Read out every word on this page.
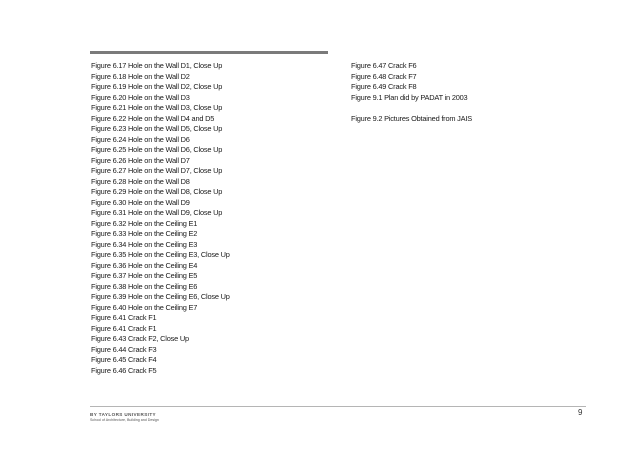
Figure 6.17 Hole on the Wall D1, Close Up
Figure 6.18 Hole on the Wall D2
Figure 6.19 Hole on the Wall D2, Close Up
Figure 6.20 Hole on the Wall D3
Figure 6.21 Hole on the Wall D3, Close Up
Figure 6.22 Hole on the Wall D4 and D5
Figure 6.23 Hole on the Wall D5, Close Up
Figure 6.24 Hole on the Wall D6
Figure 6.25 Hole on the Wall D6, Close Up
Figure 6.26 Hole on the Wall D7
Figure 6.27 Hole on the Wall D7, Close Up
Figure 6.28 Hole on the Wall D8
Figure 6.29 Hole on the Wall D8, Close Up
Figure 6.30 Hole on the Wall D9
Figure 6.31 Hole on the Wall D9, Close Up
Figure 6.32 Hole on the Ceiling E1
Figure 6.33 Hole on the Ceiling E2
Figure 6.34 Hole on the Ceiling E3
Figure 6.35 Hole on the Ceiling E3, Close Up
Figure 6.36 Hole on the Ceiling E4
Figure 6.37 Hole on the Ceiling E5
Figure 6.38 Hole on the Ceiling E6
Figure 6.39 Hole on the Ceiling E6, Close Up
Figure 6.40 Hole on the Ceiling E7
Figure 6.41 Crack F1
Figure 6.41 Crack F1
Figure 6.43 Crack F2, Close Up
Figure 6.44 Crack F3
Figure 6.45 Crack F4
Figure 6.46 Crack F5
Figure 6.47 Crack F6
Figure 6.48 Crack F7
Figure 6.49 Crack F8
Figure 9.1 Plan did by PADAT in 2003
Figure 9.2 Pictures Obtained from JAIS
9
BY TAYLORS UNIVERSITY
School of Architecture, Building and Design
